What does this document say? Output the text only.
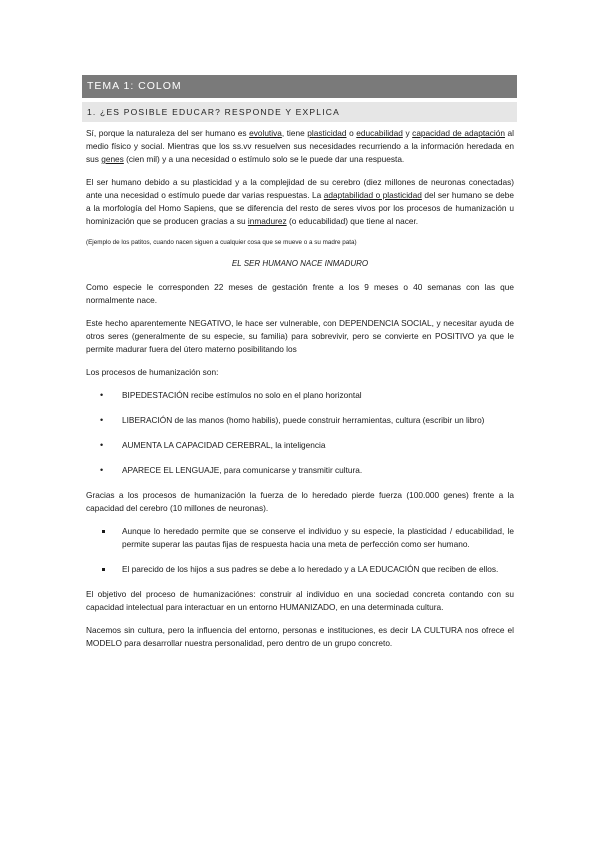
TEMA 1: COLOM
1. ¿ES POSIBLE EDUCAR? RESPONDE Y EXPLICA

Sí, porque la naturaleza del ser humano es evolutiva, tiene plasticidad o educabilidad y capacidad de adaptación al medio físico y social. Mientras que los ss.vv resuelven sus necesidades recurriendo a la información heredada en sus genes (cien mil) y a una necesidad o estímulo solo se le puede dar una respuesta.

El ser humano debido a su plasticidad y a la complejidad de su cerebro (diez millones de neuronas conectadas) ante una necesidad o estímulo puede dar varias respuestas. La adaptabilidad o plasticidad del ser humano se debe a la morfología del Homo Sapiens, que se diferencia del resto de seres vivos por los procesos de humanización u hominización que se producen gracias a su inmadurez (o educabilidad) que tiene al nacer.

(Ejemplo de los patitos, cuando nacen siguen a cualquier cosa que se mueve o a su madre pata)

EL SER HUMANO NACE INMADURO

Como especie le corresponden 22 meses de gestación frente a los 9 meses o 40 semanas con las que normalmente nace.

Este hecho aparentemente NEGATIVO, le hace ser vulnerable, con DEPENDENCIA SOCIAL, y necesitar ayuda de otros seres (generalmente de su especie, su familia) para sobrevivir, pero se convierte en POSITIVO ya que le permite madurar fuera del útero materno posibilitando los

Los procesos de humanización son:

• BIPEDESTACIÓN recibe estímulos no solo en el plano horizontal
• LIBERACIÓN de las manos (homo habilis), puede construir herramientas, cultura (escribir un libro)
• AUMENTA LA CAPACIDAD CEREBRAL, la inteligencia
• APARECE EL LENGUAJE, para comunicarse y transmitir cultura.

Gracias a los procesos de humanización la fuerza de lo heredado pierde fuerza (100.000 genes) frente a la capacidad del cerebro (10 millones de neuronas).

Aunque lo heredado permite que se conserve el individuo y su especie, la plasticidad / educabilidad, le permite superar las pautas fijas de respuesta hacia una meta de perfección como ser humano.
El parecido de los hijos a sus padres se debe a lo heredado y a LA EDUCACIÓN que reciben de ellos.

El objetivo del proceso de humanizaciónes: construir al individuo en una sociedad concreta contando con su capacidad intelectual para interactuar en un entorno HUMANIZADO, en una determinada cultura.

Nacemos sin cultura, pero la influencia del entorno, personas e instituciones, es decir LA CULTURA nos ofrece el MODELO para desarrollar nuestra personalidad, pero dentro de un grupo concreto.
